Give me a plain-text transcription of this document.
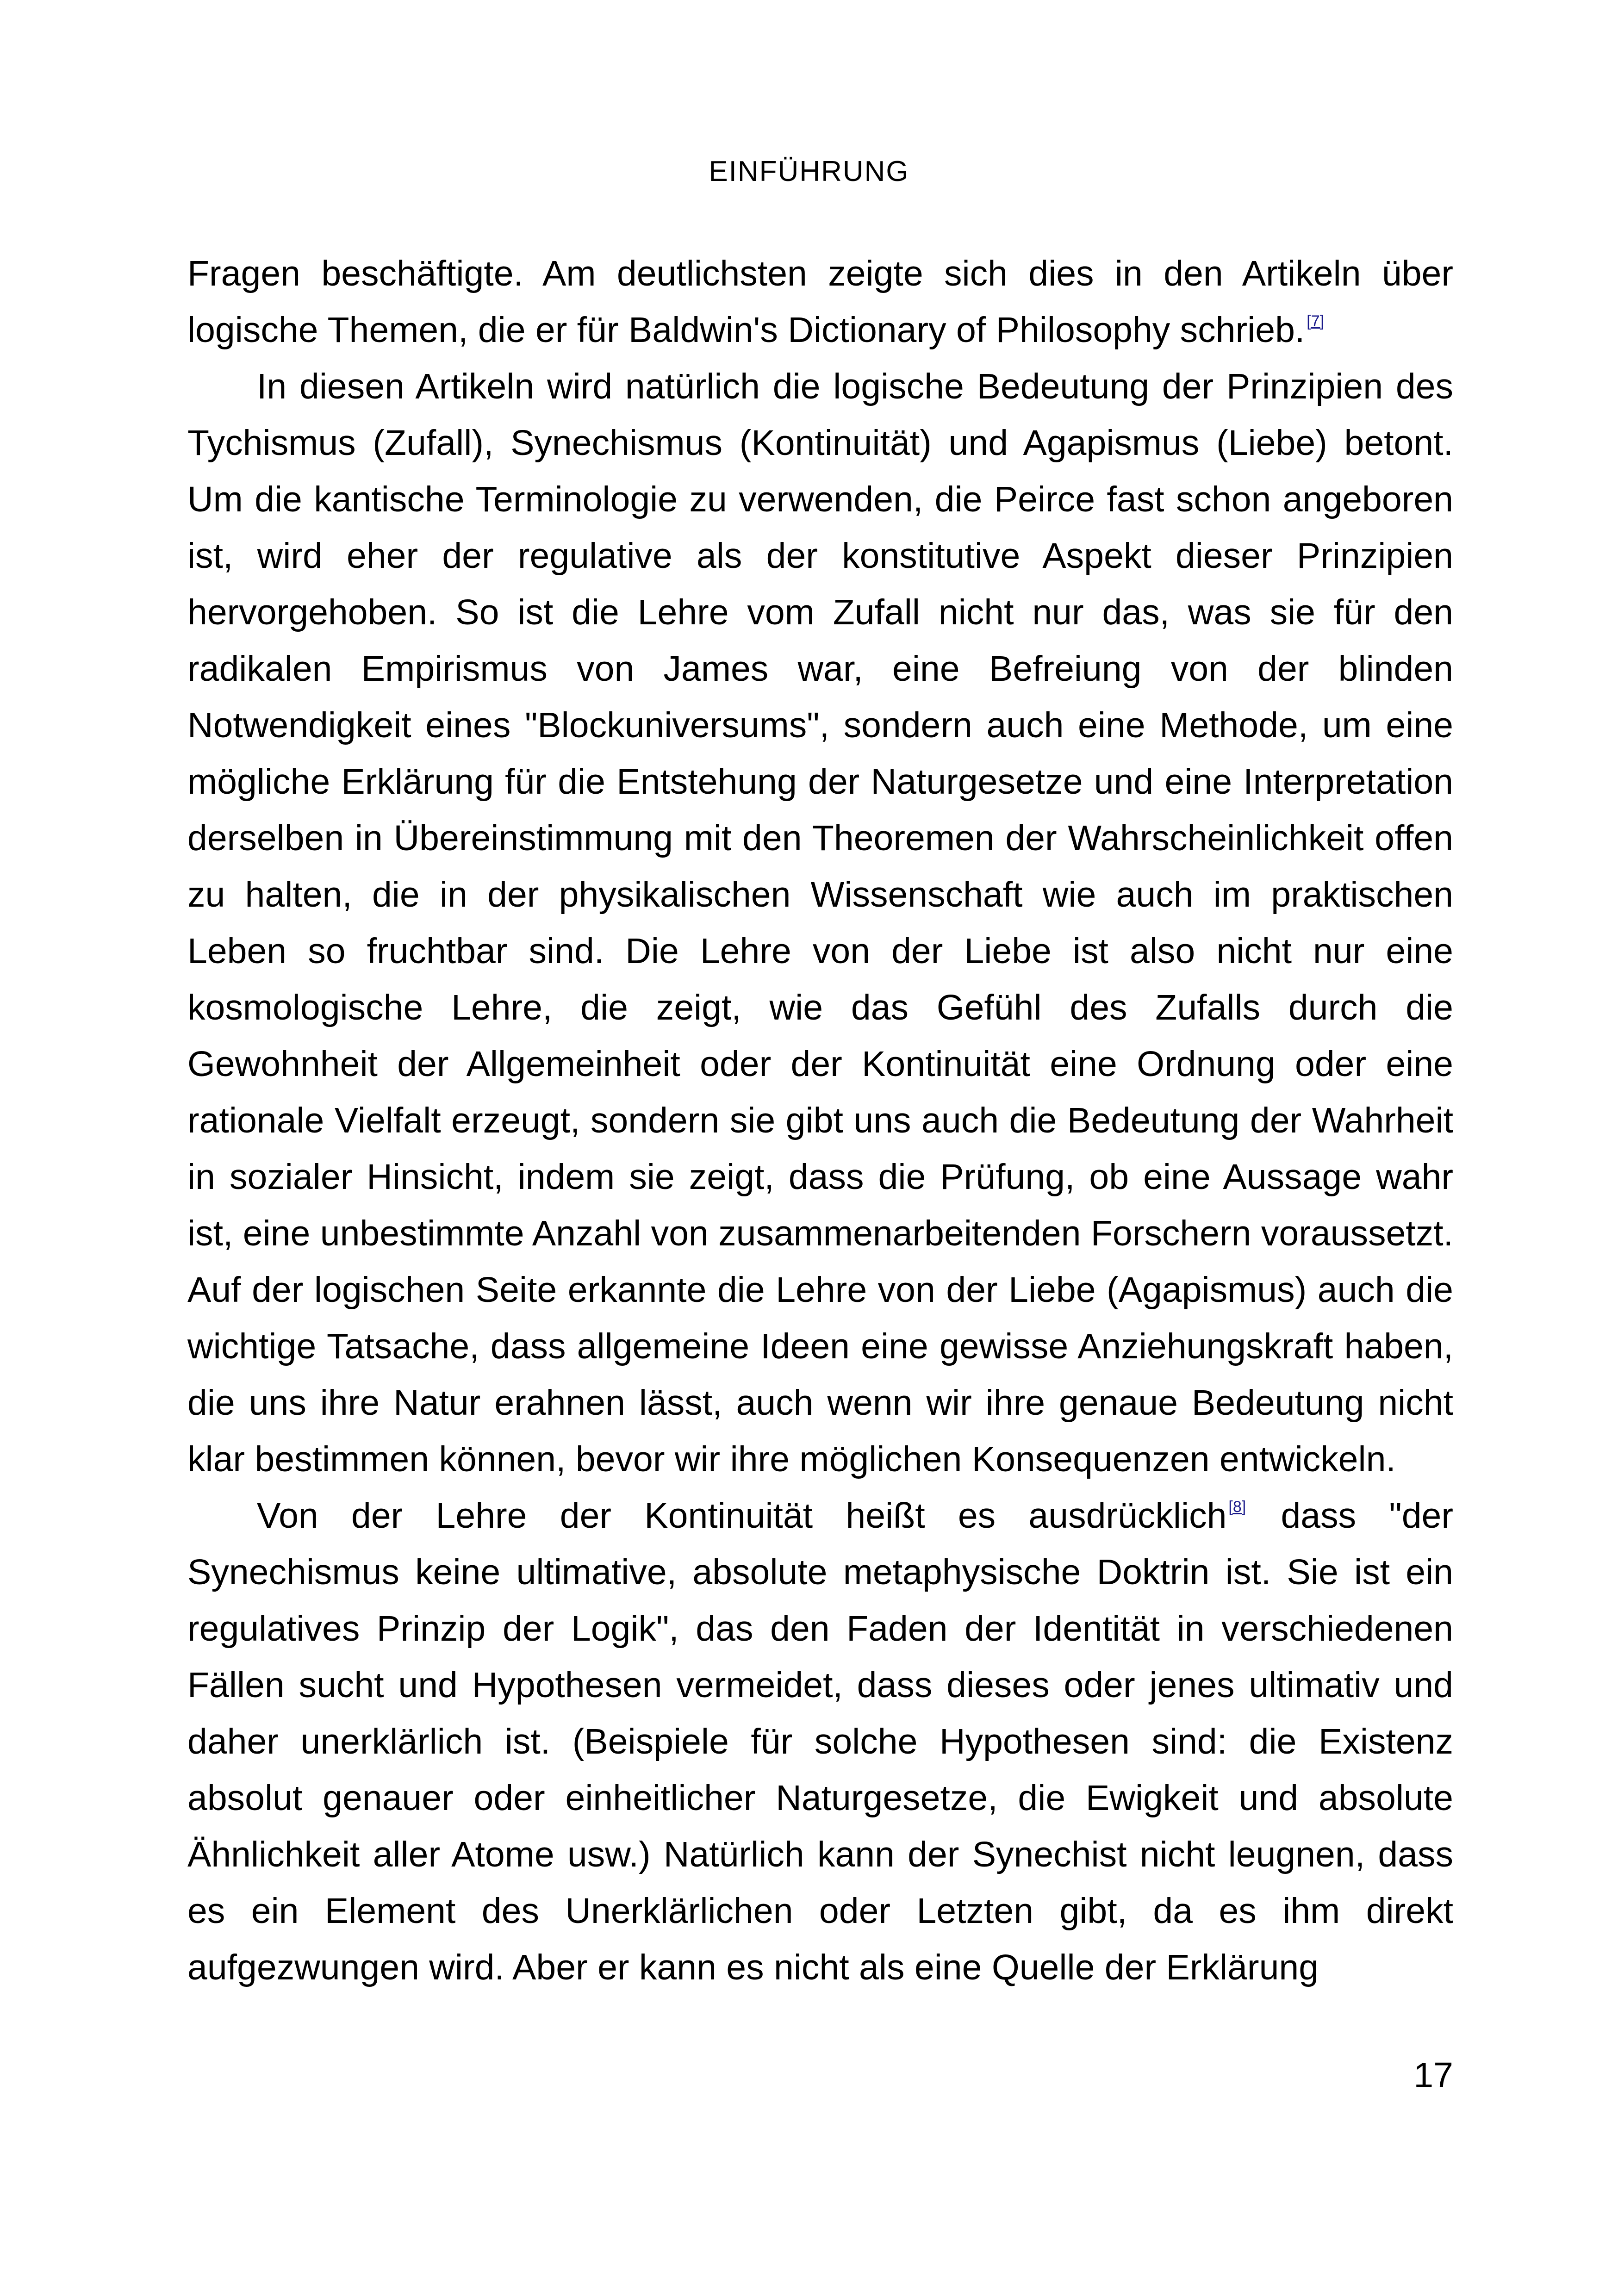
EINFÜHRUNG

Fragen beschäftigte. Am deutlichsten zeigte sich dies in den Artikeln über logische Themen, die er für Baldwin's Dictionary of Philosophy schrieb. [7]

In diesen Artikeln wird natürlich die logische Bedeutung der Prinzipien des Tychismus (Zufall), Synechismus (Kontinuität) und Agapismus (Liebe) betont. Um die kantische Terminologie zu verwenden, die Peirce fast schon angeboren ist, wird eher der regulative als der konstitutive Aspekt dieser Prinzipien hervorgehoben. So ist die Lehre vom Zufall nicht nur das, was sie für den radikalen Empirismus von James war, eine Befreiung von der blinden Notwendigkeit eines "Blockuniversums", sondern auch eine Methode, um eine mögliche Erklärung für die Entstehung der Naturgesetze und eine Interpretation derselben in Übereinstimmung mit den Theoremen der Wahrscheinlichkeit offen zu halten, die in der physikalischen Wissenschaft wie auch im praktischen Leben so fruchtbar sind. Die Lehre von der Liebe ist also nicht nur eine kosmologische Lehre, die zeigt, wie das Gefühl des Zufalls durch die Gewohnheit der Allgemeinheit oder der Kontinuität eine Ordnung oder eine rationale Vielfalt erzeugt, sondern sie gibt uns auch die Bedeutung der Wahrheit in sozialer Hinsicht, indem sie zeigt, dass die Prüfung, ob eine Aussage wahr ist, eine unbestimmte Anzahl von zusammenarbeitenden Forschern voraussetzt. Auf der logischen Seite erkannte die Lehre von der Liebe (Agapismus) auch die wichtige Tatsache, dass allgemeine Ideen eine gewisse Anziehungskraft haben, die uns ihre Natur erahnen lässt, auch wenn wir ihre genaue Bedeutung nicht klar bestimmen können, bevor wir ihre möglichen Konsequenzen entwickeln.

Von der Lehre der Kontinuität heißt es ausdrücklich [8] dass "der Synechismus keine ultimative, absolute metaphysische Doktrin ist. Sie ist ein regulatives Prinzip der Logik", das den Faden der Identität in verschiedenen Fällen sucht und Hypothesen vermeidet, dass dieses oder jenes ultimativ und daher unerklärlich ist. (Beispiele für solche Hypothesen sind: die Existenz absolut genauer oder einheitlicher Naturgesetze, die Ewigkeit und absolute Ähnlichkeit aller Atome usw.) Natürlich kann der Synechist nicht leugnen, dass es ein Element des Unerklärlichen oder Letzten gibt, da es ihm direkt aufgezwungen wird. Aber er kann es nicht als eine Quelle der Erklärung

17
